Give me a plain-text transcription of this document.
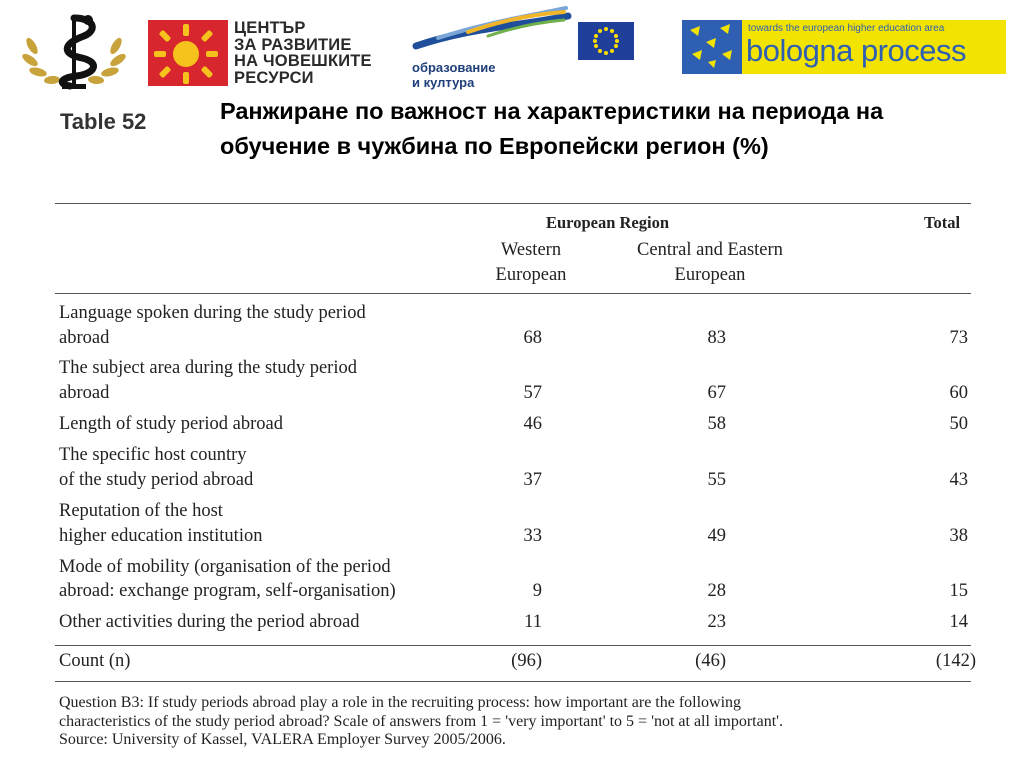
ЦЕНТЪР
ЗА РАЗВИТИЕ
НА ЧОВЕШКИТЕ
РЕСУРСИ
образование
и култура
towards the european higher education area
bologna process
Table 52	Ранжиране по важност на характеристики на периода на обучение в чужбина по Европейски регион (%)
European Region	Total
Western
European
Central and Eastern
European
Language spoken during the study period
abroad	68	83	73
The subject area during the study period
abroad	57	67	60
Length of study period abroad	46	58	50
The specific host country
of the study period abroad	37	55	43
Reputation of the host
higher education institution	33	49	38
Mode of mobility (organisation of the period
abroad: exchange program, self-organisation)	9	28	15
Other activities during the period abroad	11	23	14
Count (n)	(96)	(46)	(142)
Question B3: If study periods abroad play a role in the recruiting process: how important are the following
characteristics of the study period abroad? Scale of answers from 1 = 'very important' to 5 = 'not at all important'.
Source: University of Kassel, VALERA Employer Survey 2005/2006.
